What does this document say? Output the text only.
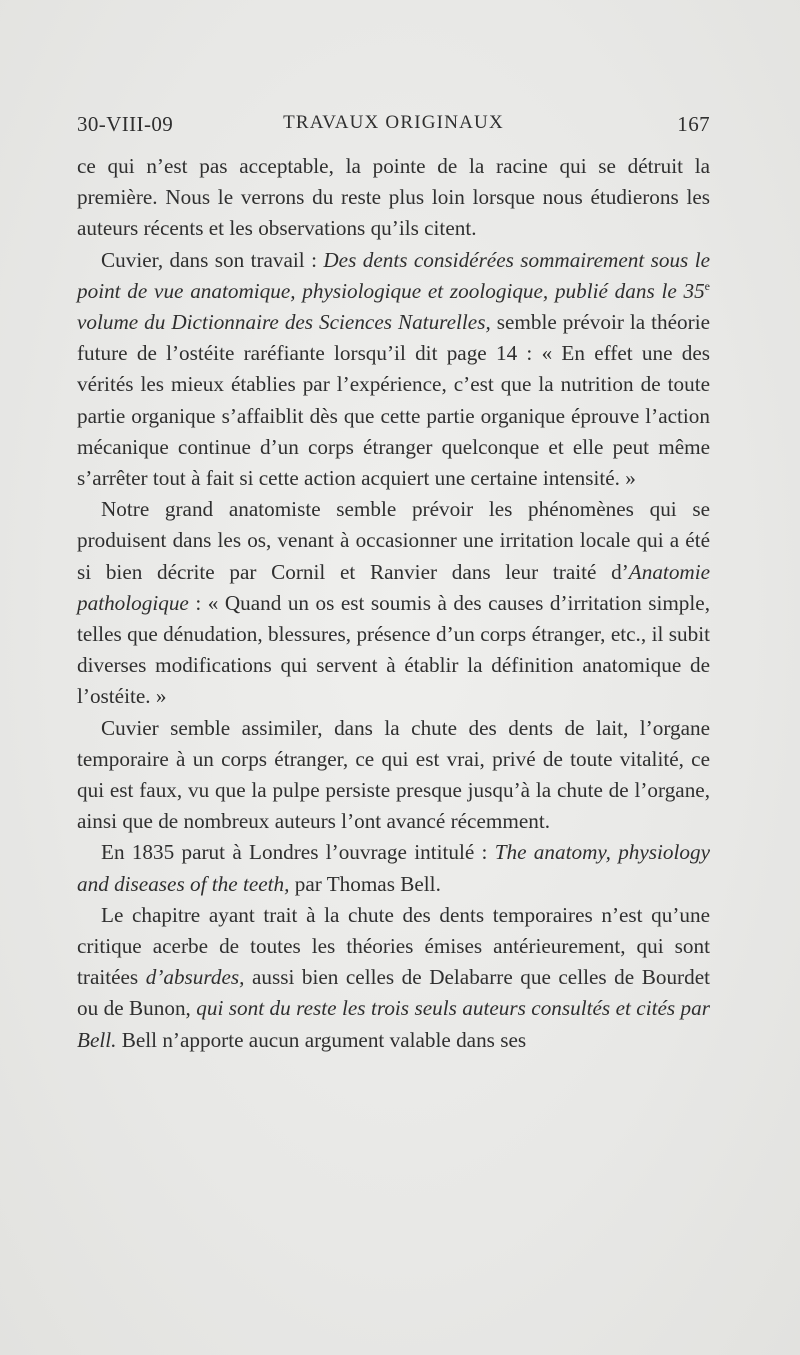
30-VIII-09	TRAVAUX ORIGINAUX	167

ce qui n’est pas acceptable, la pointe de la racine qui se détruit la première. Nous le verrons du reste plus loin lorsque nous étudierons les auteurs récents et les observations qu’ils citent.

Cuvier, dans son travail : Des dents considérées sommairement sous le point de vue anatomique, physiologique et zoologique, publié dans le 35e volume du Dictionnaire des Sciences Naturelles, semble prévoir la théorie future de l’ostéite raréfiante lorsqu’il dit page 14 : « En effet une des vérités les mieux établies par l’expérience, c’est que la nutrition de toute partie organique s’affaiblit dès que cette partie organique éprouve l’action mécanique continue d’un corps étranger quelconque et elle peut même s’arrêter tout à fait si cette action acquiert une certaine intensité. »

Notre grand anatomiste semble prévoir les phénomènes qui se produisent dans les os, venant à occasionner une irritation locale qui a été si bien décrite par Cornil et Ranvier dans leur traité d’Anatomie pathologique : « Quand un os est soumis à des causes d’irritation simple, telles que dénudation, blessures, présence d’un corps étranger, etc., il subit diverses modifications qui servent à établir la définition anatomique de l’ostéite. »

Cuvier semble assimiler, dans la chute des dents de lait, l’organe temporaire à un corps étranger, ce qui est vrai, privé de toute vitalité, ce qui est faux, vu que la pulpe persiste presque jusqu’à la chute de l’organe, ainsi que de nombreux auteurs l’ont avancé récemment.

En 1835 parut à Londres l’ouvrage intitulé : The anatomy, physiology and diseases of the teeth, par Thomas Bell.

Le chapitre ayant trait à la chute des dents temporaires n’est qu’une critique acerbe de toutes les théories émises antérieurement, qui sont traitées d’absurdes, aussi bien celles de Delabarre que celles de Bourdet ou de Bunon, qui sont du reste les trois seuls auteurs consultés et cités par Bell. Bell n’apporte aucun argument valable dans ses
